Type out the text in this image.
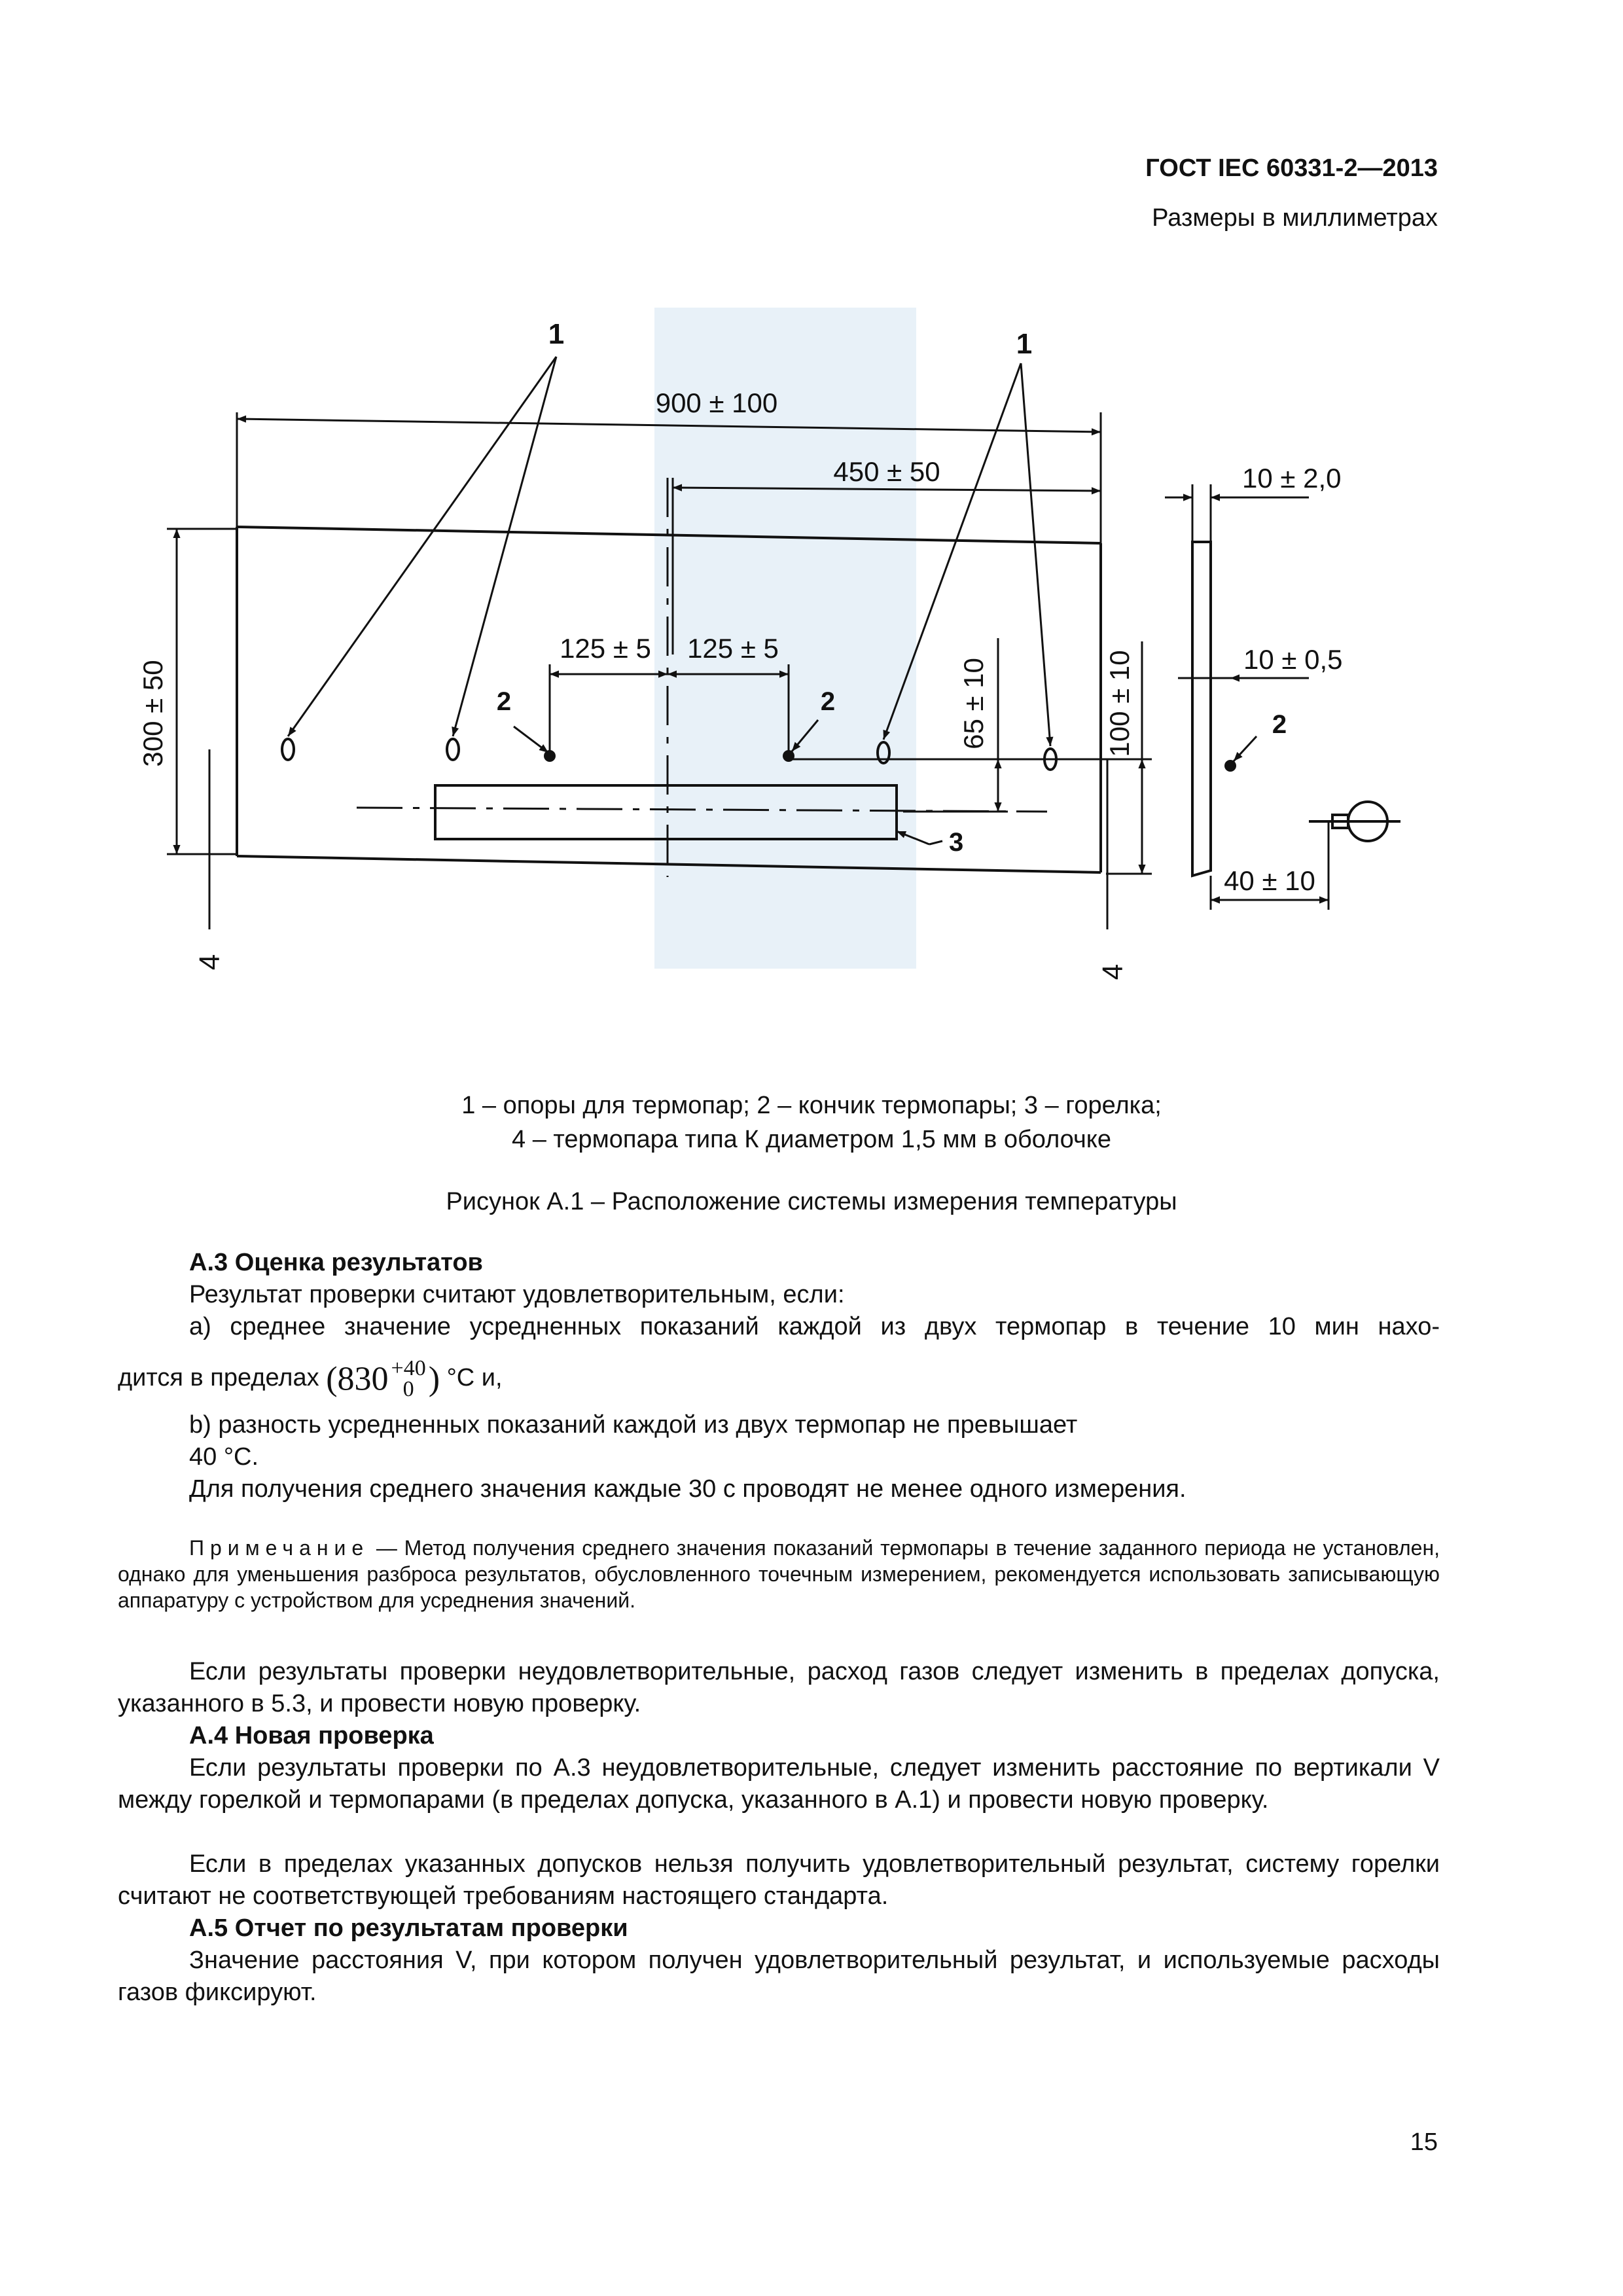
ГОСТ IEC 60331-2—2013
Размеры в миллиметрах
1	1
2	2
2
3
4
4
900 ± 100
450 ± 50
125 ± 5 125 ± 5
300 ± 50	65 ± 10	100 ± 10
10 ± 2,0
10 ± 0,5
40 ± 10
1 – опоры для термопар; 2 – кончик термопары; 3 – горелка;
4 – термопара типа К диаметром 1,5 мм в оболочке
Рисунок А.1 – Расположение системы измерения температуры
А.3 Оценка результатов
Результат проверки считают удовлетворительным, если:
a) среднее значение усредненных показаний каждой из двух термопар в течение 10 мин нахо-
дится в пределах (830 +40
0 ) °C и,
b) разность усредненных показаний каждой из двух термопар не превышает
40 °C.
Для получения среднего значения каждые 30 с проводят не менее одного измерения.
Примечание — Метод получения среднего значения показаний термопары в течение заданного периода не установлен, однако для уменьшения разброса результатов, обусловленного точечным измерением, рекомендуется использовать записывающую аппаратуру с устройством для усреднения значений.
Если результаты проверки неудовлетворительные, расход газов следует изменить в пределах допуска, указанного в 5.3, и провести новую проверку.
А.4 Новая проверка
Если результаты проверки по А.3 неудовлетворительные, следует изменить расстояние по вертикали V между горелкой и термопарами (в пределах допуска, указанного в А.1) и провести новую проверку.
Если в пределах указанных допусков нельзя получить удовлетворительный результат, систему горелки считают не соответствующей требованиям настоящего стандарта.
А.5 Отчет по результатам проверки
Значение расстояния V, при котором получен удовлетворительный результат, и используемые расходы газов фиксируют.
15
